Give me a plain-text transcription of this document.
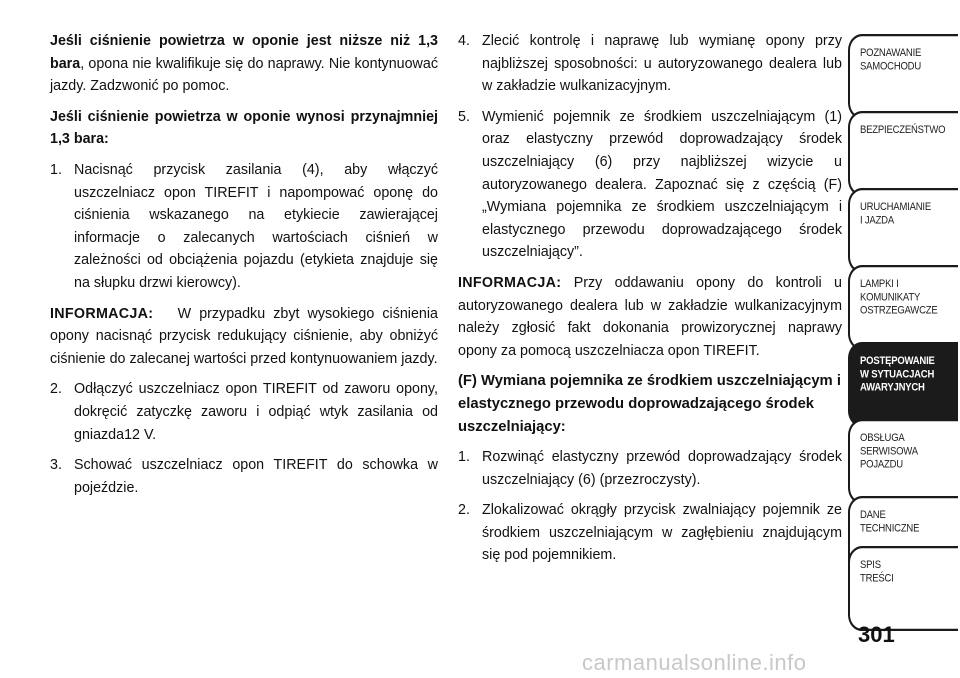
Jeśli ciśnienie powietrza w oponie jest niższe niż 1,3 bara, opona nie kwalifikuje się do naprawy. Nie kontynuować jazdy. Zadzwonić po pomoc.

Jeśli ciśnienie powietrza w oponie wynosi przynajmniej 1,3 bara:

1. Nacisnąć przycisk zasilania (4), aby włączyć uszczelniacz opon TIREFIT i napompować oponę do ciśnienia wskazanego na etykiecie zawierającej informacje o zalecanych wartościach ciśnień w zależności od obciążenia pojazdu (etykieta znajduje się na słupku drzwi kierowcy).

INFORMACJA: W przypadku zbyt wysokiego ciśnienia opony nacisnąć przycisk redukujący ciśnienie, aby obniżyć ciśnienie do zalecanej wartości przed kontynuowaniem jazdy.

2. Odłączyć uszczelniacz opon TIREFIT od zaworu opony, dokręcić zatyczkę zaworu i odpiąć wtyk zasilania od gniazda12 V.
3. Schować uszczelniacz opon TIREFIT do schowka w pojeździe.
4. Zlecić kontrolę i naprawę lub wymianę opony przy najbliższej sposobności: u autoryzowanego dealera lub w zakładzie wulkanizacyjnym.
5. Wymienić pojemnik ze środkiem uszczelniającym (1) oraz elastyczny przewód doprowadzający środek uszczelniający (6) przy najbliższej wizycie u autoryzowanego dealera. Zapoznać się z częścią (F) „Wymiana pojemnika ze środkiem uszczelniającym i elastycznego przewodu doprowadzającego środek uszczelniający”.

INFORMACJA: Przy oddawaniu opony do kontroli u autoryzowanego dealera lub w zakładzie wulkanizacyjnym należy zgłosić fakt dokonania prowizorycznej naprawy opony za pomocą uszczelniacza opon TIREFIT.

(F) Wymiana pojemnika ze środkiem uszczelniającym i elastycznego przewodu doprowadzającego środek uszczelniający:

1. Rozwinąć elastyczny przewód doprowadzający środek uszczelniający (6) (przezroczysty).
2. Zlokalizować okrągły przycisk zwalniający pojemnik ze środkiem uszczelniającym w zagłębieniu znajdującym się pod pojemnikiem.
POZNAWANIE
SAMOCHODU
BEZPIECZEŃSTWO
URUCHAMIANIE
I JAZDA
LAMPKI I
KOMUNIKATY
OSTRZEGAWCZE
POSTĘPOWANIE
W SYTUACJACH
AWARYJNYCH
OBSŁUGA
SERWISOWA
POJAZDU
DANE
TECHNICZNE
SPIS
TREŚCI
301
carmanualsonline.info
